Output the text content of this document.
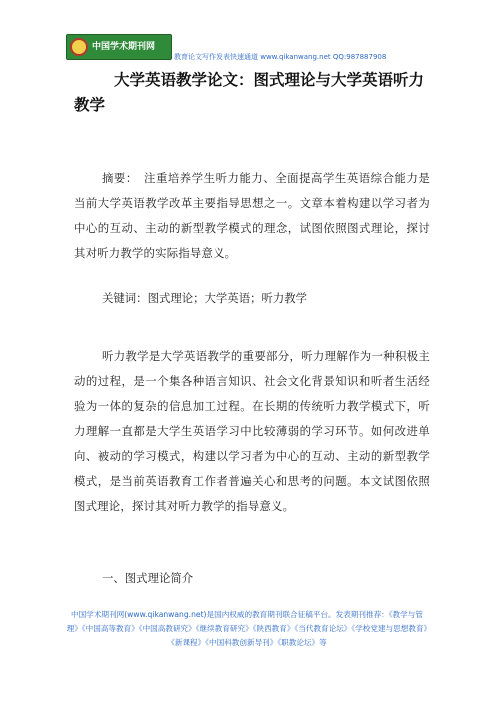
中国学术期刊网
教育论文写作发表快速通道 www.qikanwang.net QQ:987887908
大学英语教学论文：图式理论与大学英语听力教学

摘要：　注重培养学生听力能力、全面提高学生英语综合能力是当前大学英语教学改革主要指导思想之一。文章本着构建以学习者为中心的互动、主动的新型教学模式的理念，试图依照图式理论，探讨其对听力教学的实际指导意义。

关键词：图式理论；大学英语；听力教学

听力教学是大学英语教学的重要部分，听力理解作为一种积极主动的过程，是一个集各种语言知识、社会文化背景知识和听者生活经验为一体的复杂的信息加工过程。在长期的传统听力教学模式下，听力理解一直都是大学生英语学习中比较薄弱的学习环节。如何改进单向、被动的学习模式，构建以学习者为中心的互动、主动的新型教学模式，是当前英语教育工作者普遍关心和思考的问题。本文试图依照图式理论，探讨其对听力教学的指导意义。

一、图式理论简介

中国学术期刊网(www.qikanwang.net)是国内权威的教育期刊联合征稿平台。发表期刊推荐：《教学与管理》《中国高等教育》《中国高教研究》《继续教育研究》《陕西教育》《当代教育论坛》《学校党建与思想教育》《新课程》《中国科教创新导刊》《职教论坛》等
